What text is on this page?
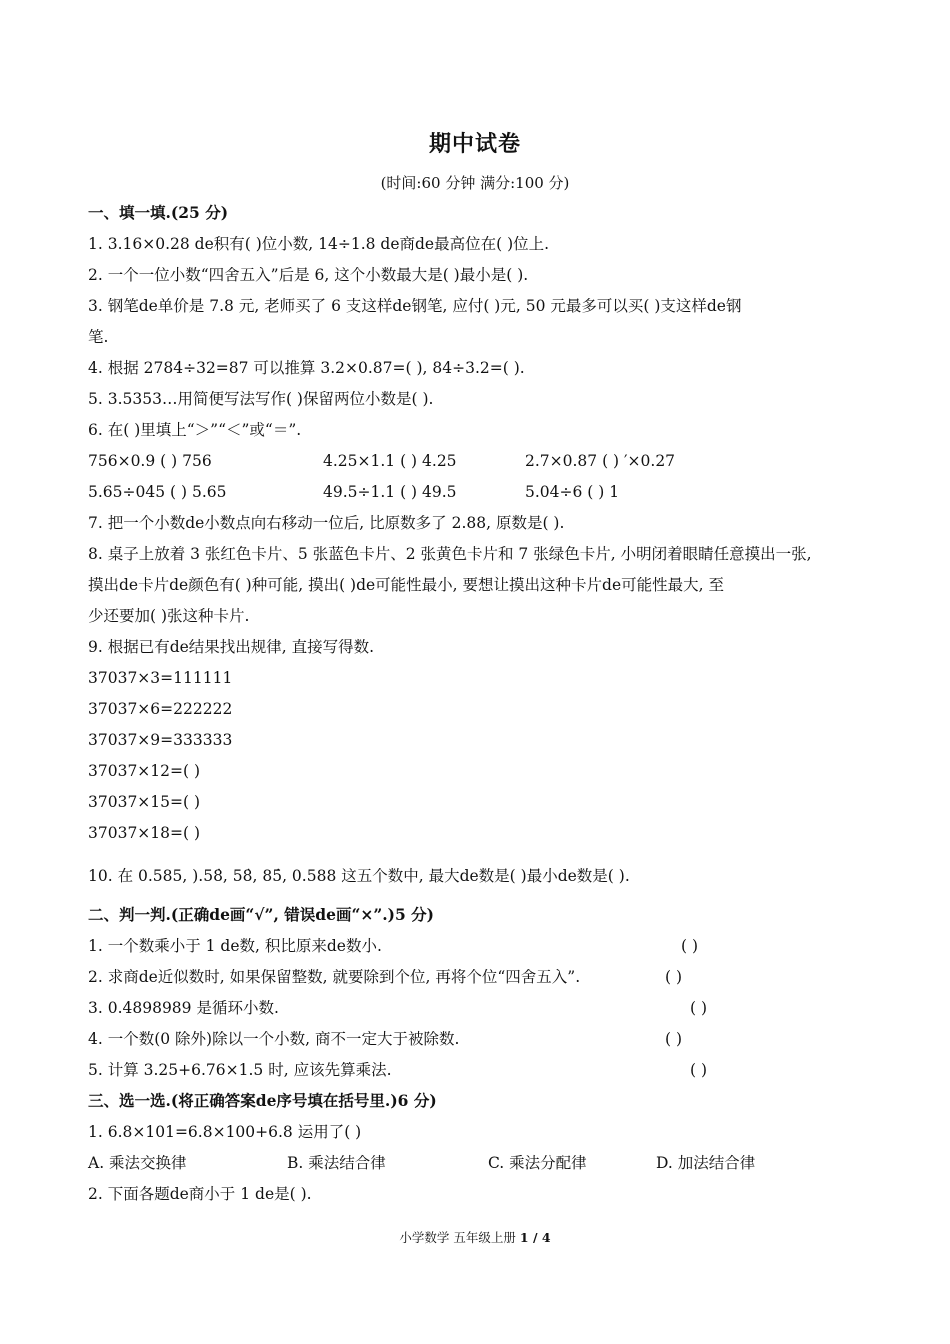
期中试卷
(时间:60 分钟 满分:100 分)
一、填一填.(25 分)
1. 3.16×0.28 de积有( )位小数, 14÷1.8 de商de最高位在( )位上.
2. 一个一位小数“四舍五入”后是 6, 这个小数最大是( )最小是( ).
3. 钢笔de单价是 7.8 元, 老师买了 6 支这样de钢笔, 应付( )元, 50 元最多可以买( )支这样de钢
笔.
4. 根据 2784÷32=87 可以推算 3.2×0.87=( ), 84÷3.2=( ).
5. 3.5353…用简便写法写作( )保留两位小数是( ).
6. 在( )里填上“＞”“＜”或“＝”.
756×0.9 ( ) 756	4.25×1.1 ( ) 4.25	2.7×0.87 ( ) ′×0.27
5.65÷045 ( ) 5.65	49.5÷1.1 ( ) 49.5	5.04÷6 ( ) 1
7. 把一个小数de小数点向右移动一位后, 比原数多了 2.88, 原数是( ).
8. 桌子上放着 3 张红色卡片、5 张蓝色卡片、2 张黄色卡片和 7 张绿色卡片, 小明闭着眼睛任意摸出一张,
摸出de卡片de颜色有( )种可能, 摸出( )de可能性最小, 要想让摸出这种卡片de可能性最大, 至
少还要加( )张这种卡片.
9. 根据已有de结果找出规律, 直接写得数.
37037×3=111111
37037×6=222222
37037×9=333333
37037×12=( )
37037×15=( )
37037×18=( )
10. 在 0.585, ).58̇, 58̇, 85̇, 0.588 这五个数中, 最大de数是( )最小de数是( ).
二、判一判.(正确de画“√”, 错误de画“×”.)5 分)
1. 一个数乘小于 1 de数, 积比原来de数小.	( )
2. 求商de近似数时, 如果保留整数, 就要除到个位, 再将个位“四舍五入”.	( )
3. 0.4898989 是循环小数.	( )
4. 一个数(0 除外)除以一个小数, 商不一定大于被除数.	( )
5. 计算 3.25+6.76×1.5 时, 应该先算乘法.	( )
三、选一选.(将正确答案de序号填在括号里.)6 分)
1. 6.8×101=6.8×100+6.8 运用了( )
A. 乘法交换律	B. 乘法结合律	C. 乘法分配律	D. 加法结合律
2. 下面各题de商小于 1 de是( ).
小学数学 五年级上册 1 / 4
